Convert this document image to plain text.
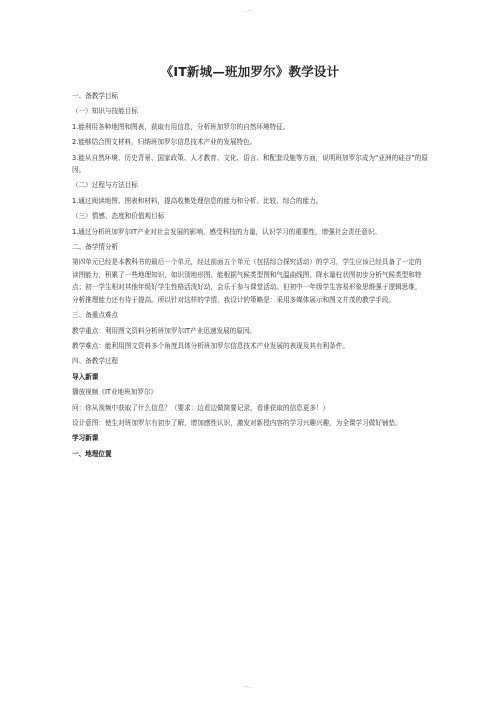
…—
《IT新城—班加罗尔》教学设计

一、备教学目标

（一）知识与技能目标

1.能利用各种地图和图表，获取有用信息，分析班加罗尔的自然环境特征。

2.能够结合图文材料，归纳班加罗尔信息技术产业的发展特色。

3.能从自然环境、历史背景、国家政策、人才教育、文化、语言、和配套设施等方面，说明班加罗尔成为“亚洲的硅谷”的原因。

（二）过程与方法目标

1.通过阅读地图、图表和材料，提高收集处理信息的能力和分析、比较、综合的能力。

（三）情感、态度和价值观目标

1.通过分析班加罗尔IT产业对社会发展的影响，感受科技的力量，认识学习的重要性，增强社会责任意识。

二、备学情分析

第四单元已经是本教科书的最后一个单元，经过前面五个单元（包括综合探究活动）的学习，学生应该已经具备了一定的读图能力，积累了一些地理知识，如识别地形图、能根据气候类型图和气温曲线图、降水量柱状图初步分析气候类型和特点；初一学生相对其他年级好学生性格活泼好动，会乐于参与课堂活动。但初中一年级学生容易形象思维强于逻辑思维，分析推理能力还有待于提高。所以针对这样的学情，我设计的策略是：采用多媒体展示和图文并茂的教学手段。

三、备重点难点

教学重点：利用图文资料分析班加罗尔IT产业迅速发展的原因。

教学难点：能利用图文资料多个角度具体分析班加罗尔信息技术产业发展的表现及其有利条件。

四、备教学过程

导入新课

播放视频《IT业地班加罗尔》

问：你从视频中获取了什么信息？（要求：边看边做简要记录，看谁获取的信息更多！）

设计意图：使生对班加罗尔有初步了解，增加感性认识，激发对新授内容的学习兴趣兴趣，为全课学习做好铺垫。

学习新课

一、地理位置

—…
